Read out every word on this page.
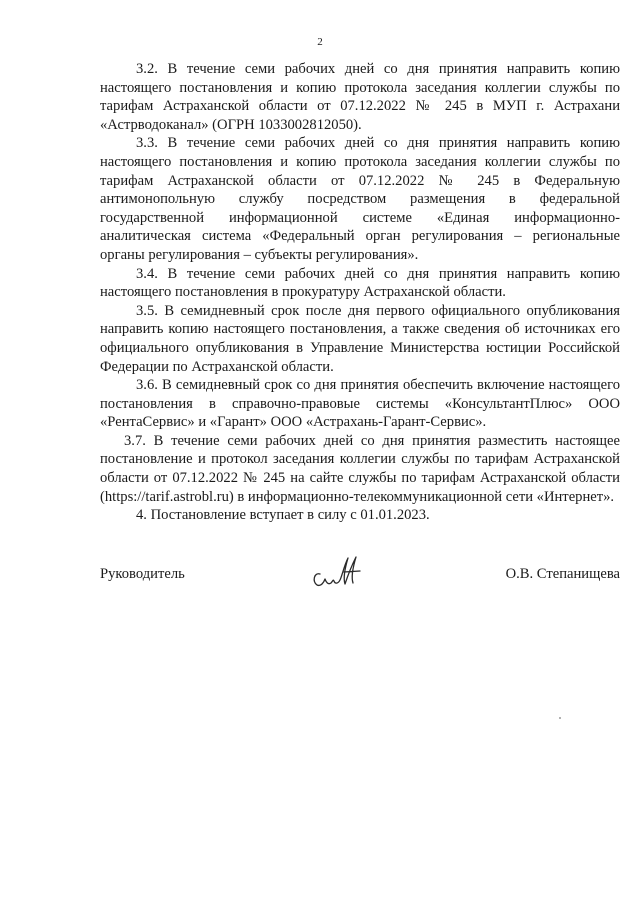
2

3.2. В течение семи рабочих дней со дня принятия направить копию настоящего постановления и копию протокола заседания коллегии службы по тарифам Астраханской области от 07.12.2022 № 245 в МУП г. Астрахани «Астрводоканал» (ОГРН 1033002812050).

3.3. В течение семи рабочих дней со дня принятия направить копию настоящего постановления и копию протокола заседания коллегии службы по тарифам Астраханской области от 07.12.2022 № 245 в Федеральную антимонопольную службу посредством размещения в федеральной государственной информационной системе «Единая информационно-аналитическая система «Федеральный орган регулирования – региональные органы регулирования – субъекты регулирования».

3.4. В течение семи рабочих дней со дня принятия направить копию настоящего постановления в прокуратуру Астраханской области.

3.5. В семидневный срок после дня первого официального опубликования направить копию настоящего постановления, а также сведения об источниках его официального опубликования в Управление Министерства юстиции Российской Федерации по Астраханской области.

3.6. В семидневный срок со дня принятия обеспечить включение настоящего постановления в справочно-правовые системы «КонсультантПлюс» ООО «РентаСервис» и «Гарант» ООО «Астрахань-Гарант-Сервис».

3.7. В течение семи рабочих дней со дня принятия разместить настоящее постановление и протокол заседания коллегии службы по тарифам Астраханской области от 07.12.2022 № 245 на сайте службы по тарифам Астраханской области (https://tarif.astrobl.ru) в информационно-телекоммуникационной сети «Интернет».

4. Постановление вступает в силу с 01.01.2023.

Руководитель	О.В. Степанищева
